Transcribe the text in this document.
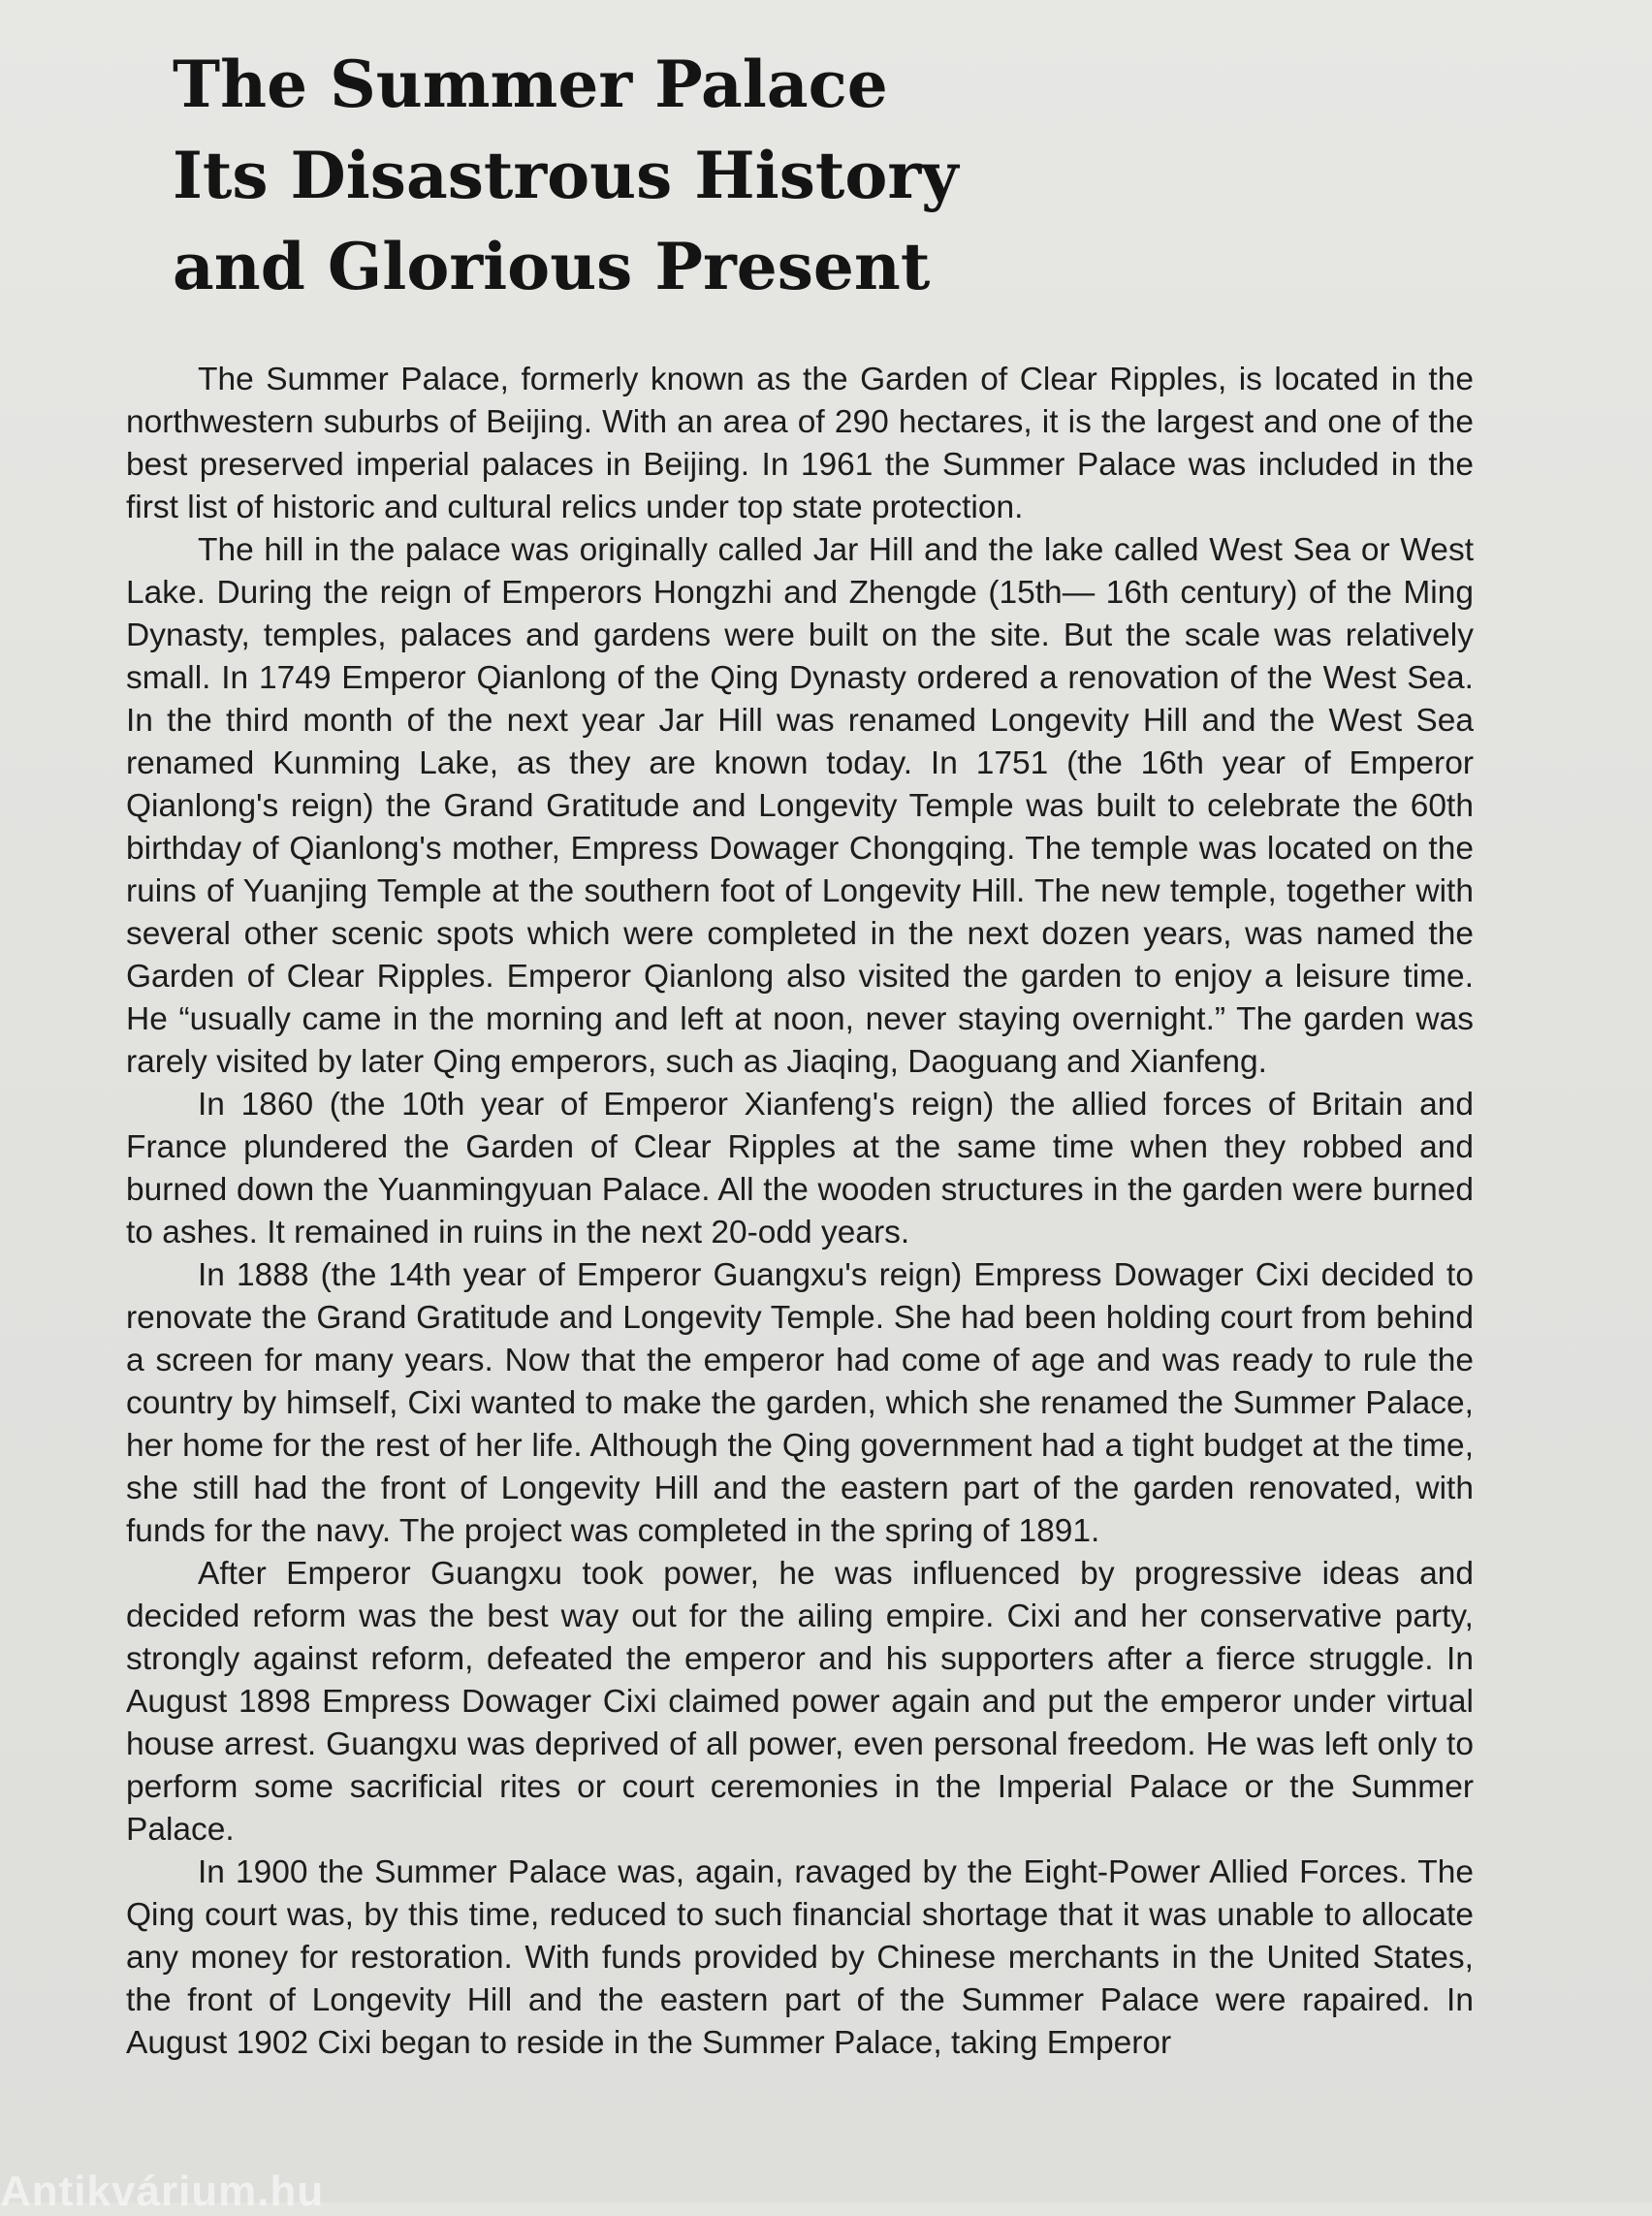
The Summer Palace
Its Disastrous History
and Glorious Present

The Summer Palace, formerly known as the Garden of Clear Ripples, is located in the northwestern suburbs of Beijing. With an area of 290 hectares, it is the largest and one of the best preserved imperial palaces in Beijing. In 1961 the Summer Palace was included in the first list of historic and cultural relics under top state protection.

The hill in the palace was originally called Jar Hill and the lake called West Sea or West Lake. During the reign of Emperors Hongzhi and Zhengde (15th— 16th century) of the Ming Dynasty, temples, palaces and gardens were built on the site. But the scale was relatively small. In 1749 Emperor Qianlong of the Qing Dynasty ordered a renovation of the West Sea. In the third month of the next year Jar Hill was renamed Longevity Hill and the West Sea renamed Kunming Lake, as they are known today. In 1751 (the 16th year of Emperor Qianlong's reign) the Grand Gratitude and Longevity Temple was built to celebrate the 60th birthday of Qianlong's mother, Empress Dowager Chongqing. The temple was located on the ruins of Yuanjing Temple at the southern foot of Longevity Hill. The new temple, together with several other scenic spots which were completed in the next dozen years, was named the Garden of Clear Ripples. Emperor Qianlong also visited the garden to enjoy a leisure time. He “usually came in the morning and left at noon, never staying overnight.” The garden was rarely visited by later Qing emperors, such as Jiaqing, Daoguang and Xianfeng.

In 1860 (the 10th year of Emperor Xianfeng's reign) the allied forces of Britain and France plundered the Garden of Clear Ripples at the same time when they robbed and burned down the Yuanmingyuan Palace. All the wooden structures in the garden were burned to ashes. It remained in ruins in the next 20-odd years.

In 1888 (the 14th year of Emperor Guangxu's reign) Empress Dowager Cixi decided to renovate the Grand Gratitude and Longevity Temple. She had been holding court from behind a screen for many years. Now that the emperor had come of age and was ready to rule the country by himself, Cixi wanted to make the garden, which she renamed the Summer Palace, her home for the rest of her life. Although the Qing government had a tight budget at the time, she still had the front of Longevity Hill and the eastern part of the garden renovated, with funds for the navy. The project was completed in the spring of 1891.

After Emperor Guangxu took power, he was influenced by progressive ideas and decided reform was the best way out for the ailing empire. Cixi and her conservative party, strongly against reform, defeated the emperor and his supporters after a fierce struggle. In August 1898 Empress Dowager Cixi claimed power again and put the emperor under virtual house arrest. Guangxu was deprived of all power, even personal freedom. He was left only to perform some sacrificial rites or court ceremonies in the Imperial Palace or the Summer Palace.

In 1900 the Summer Palace was, again, ravaged by the Eight-Power Allied Forces. The Qing court was, by this time, reduced to such financial shortage that it was unable to allocate any money for restoration. With funds provided by Chinese merchants in the United States, the front of Longevity Hill and the eastern part of the Summer Palace were rapaired. In August 1902 Cixi began to reside in the Summer Palace, taking Emperor

Antikvárium.hu
